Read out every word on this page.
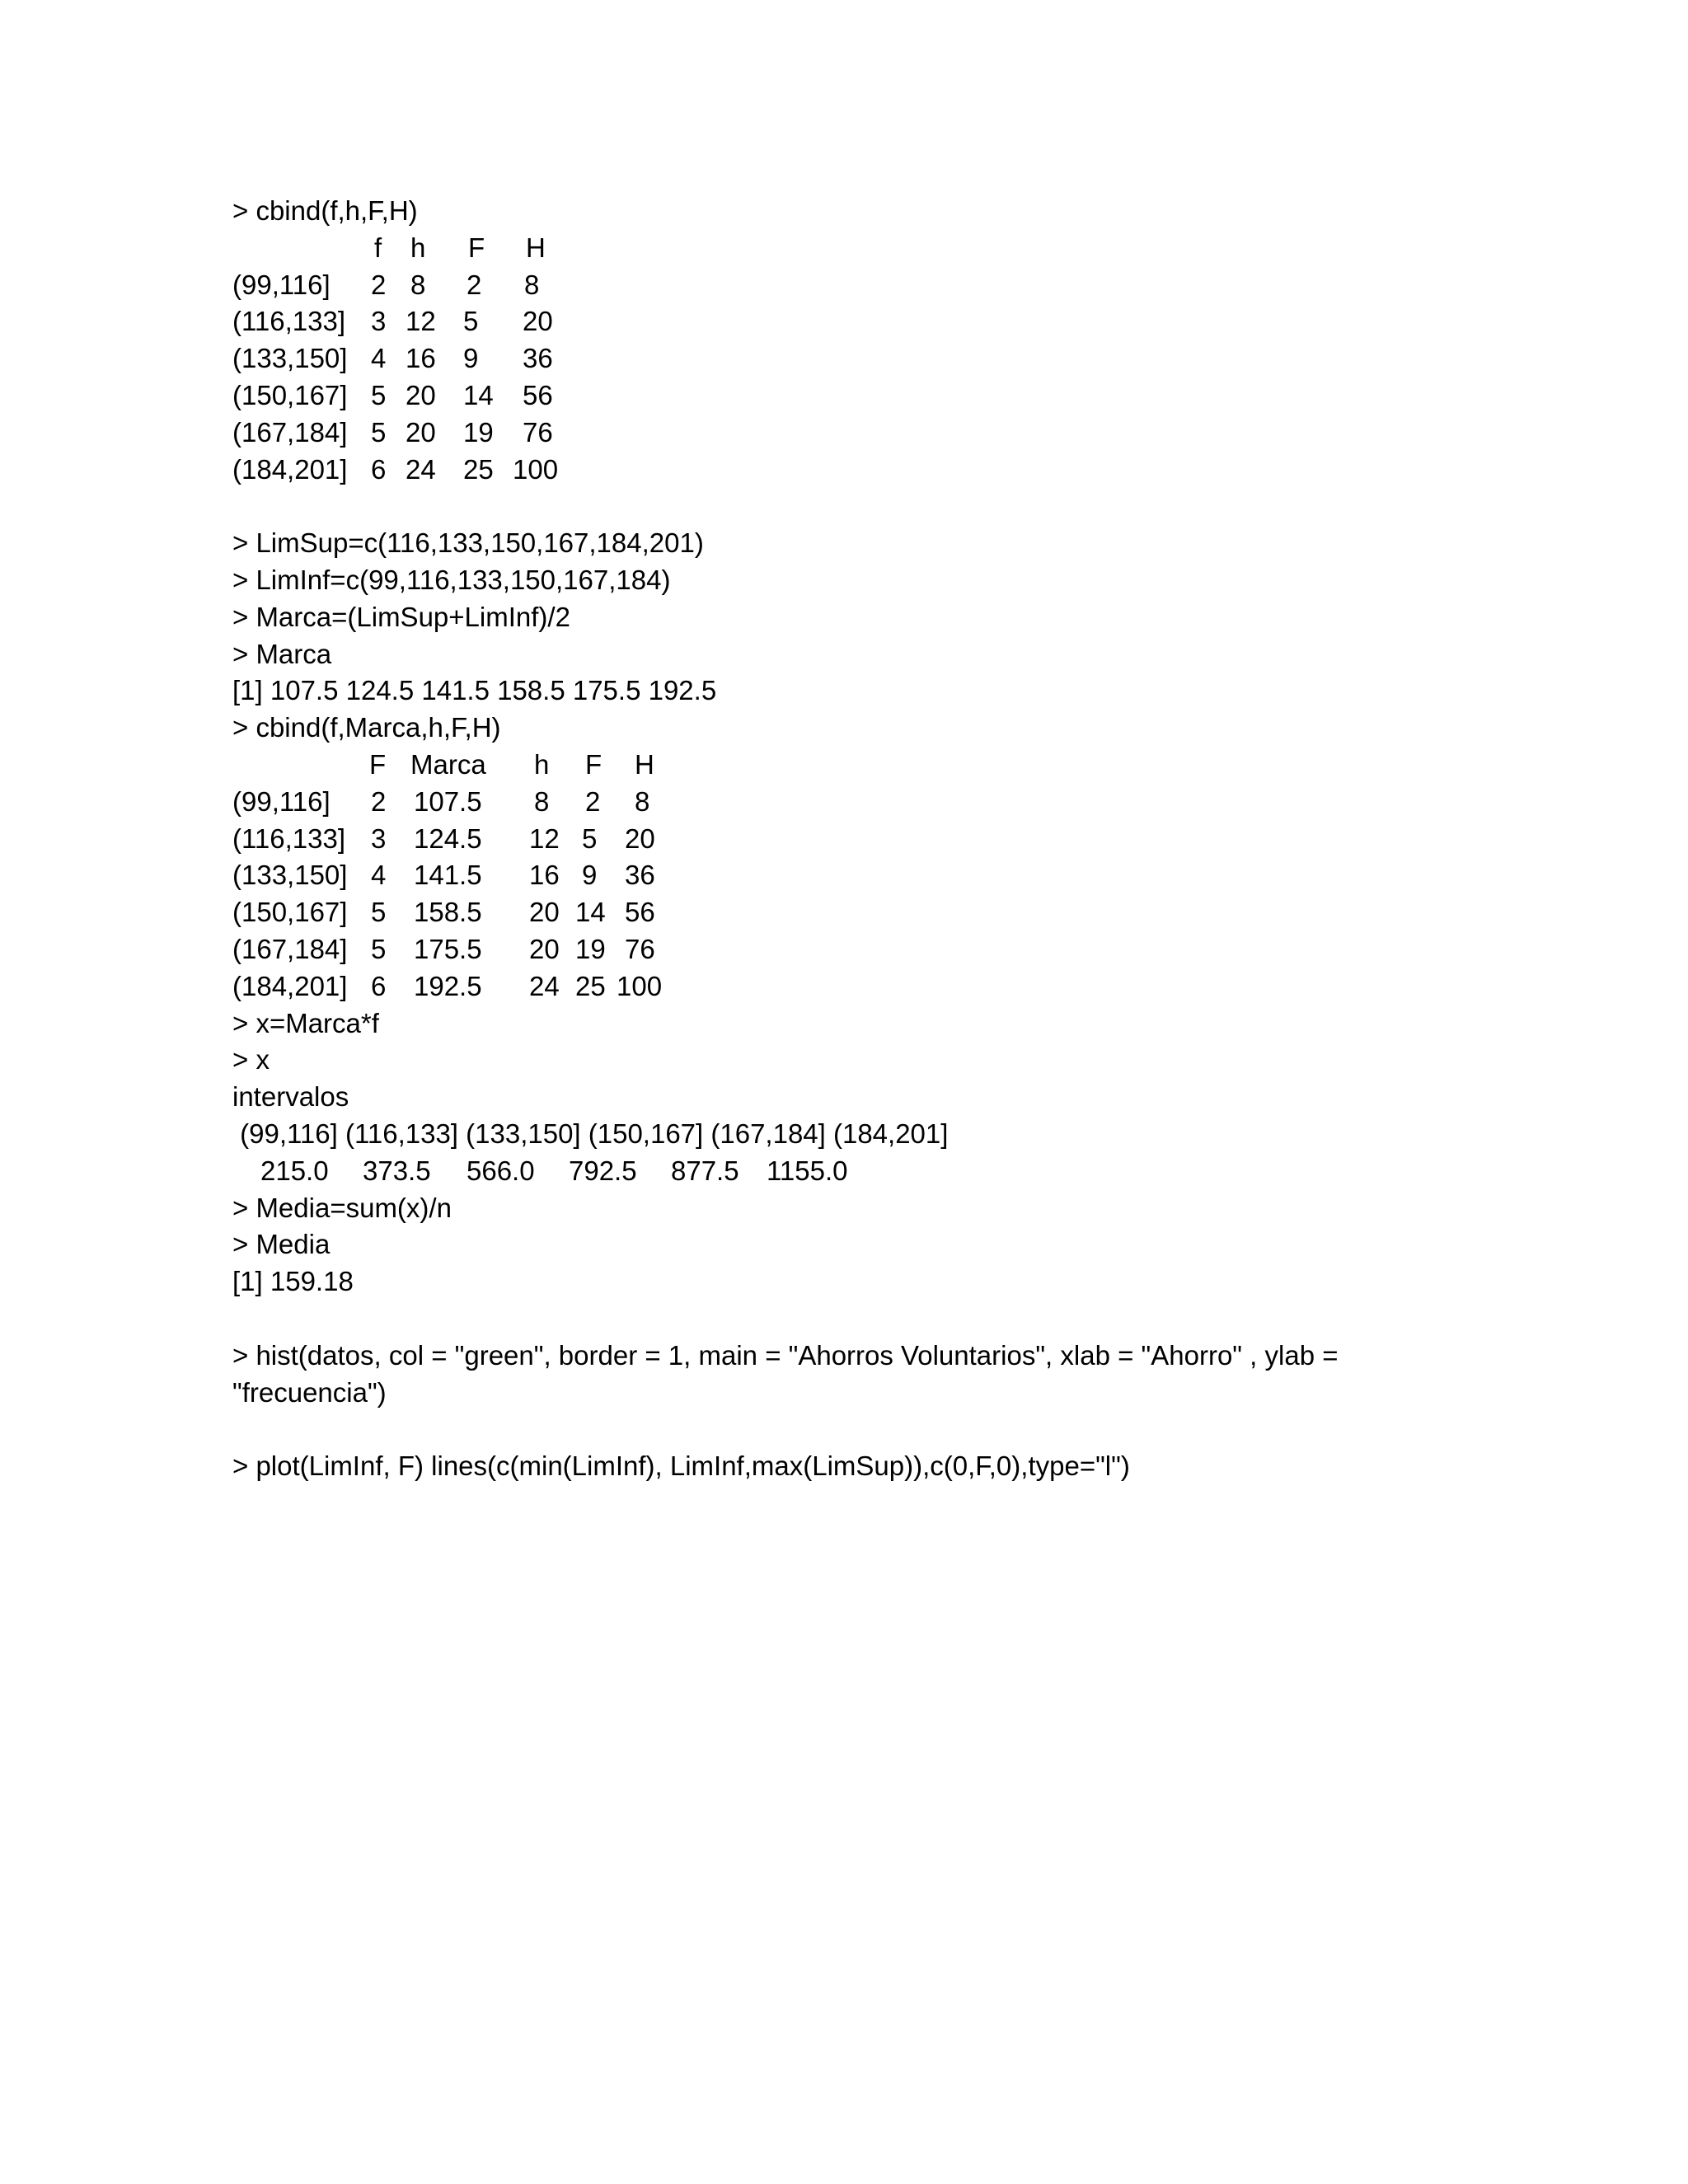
> cbind(f,h,F,H)
f h F H
(99,116] 2 8 2 8
(116,133] 3 12 5 20
(133,150] 4 16 9 36
(150,167] 5 20 14 56
(167,184] 5 20 19 76
(184,201] 6 24 25 100
> LimSup=c(116,133,150,167,184,201)
> LimInf=c(99,116,133,150,167,184)
> Marca=(LimSup+LimInf)/2
> Marca
[1] 107.5 124.5 141.5 158.5 175.5 192.5
> cbind(f,Marca,h,F,H)
F Marca h F H
(99,116] 2 107.5 8 2 8
(116,133] 3 124.5 12 5 20
(133,150] 4 141.5 16 9 36
(150,167] 5 158.5 20 14 56
(167,184] 5 175.5 20 19 76
(184,201] 6 192.5 24 25 100
> x=Marca*f
> x
intervalos
(99,116] (116,133] (133,150] (150,167] (167,184] (184,201]
215.0 373.5 566.0 792.5 877.5 1155.0
> Media=sum(x)/n
> Media
[1] 159.18
> hist(datos, col = "green", border = 1, main = "Ahorros Voluntarios", xlab = "Ahorro" , ylab = "frecuencia")
> plot(LimInf, F) lines(c(min(LimInf), LimInf,max(LimSup)),c(0,F,0),type="l")
